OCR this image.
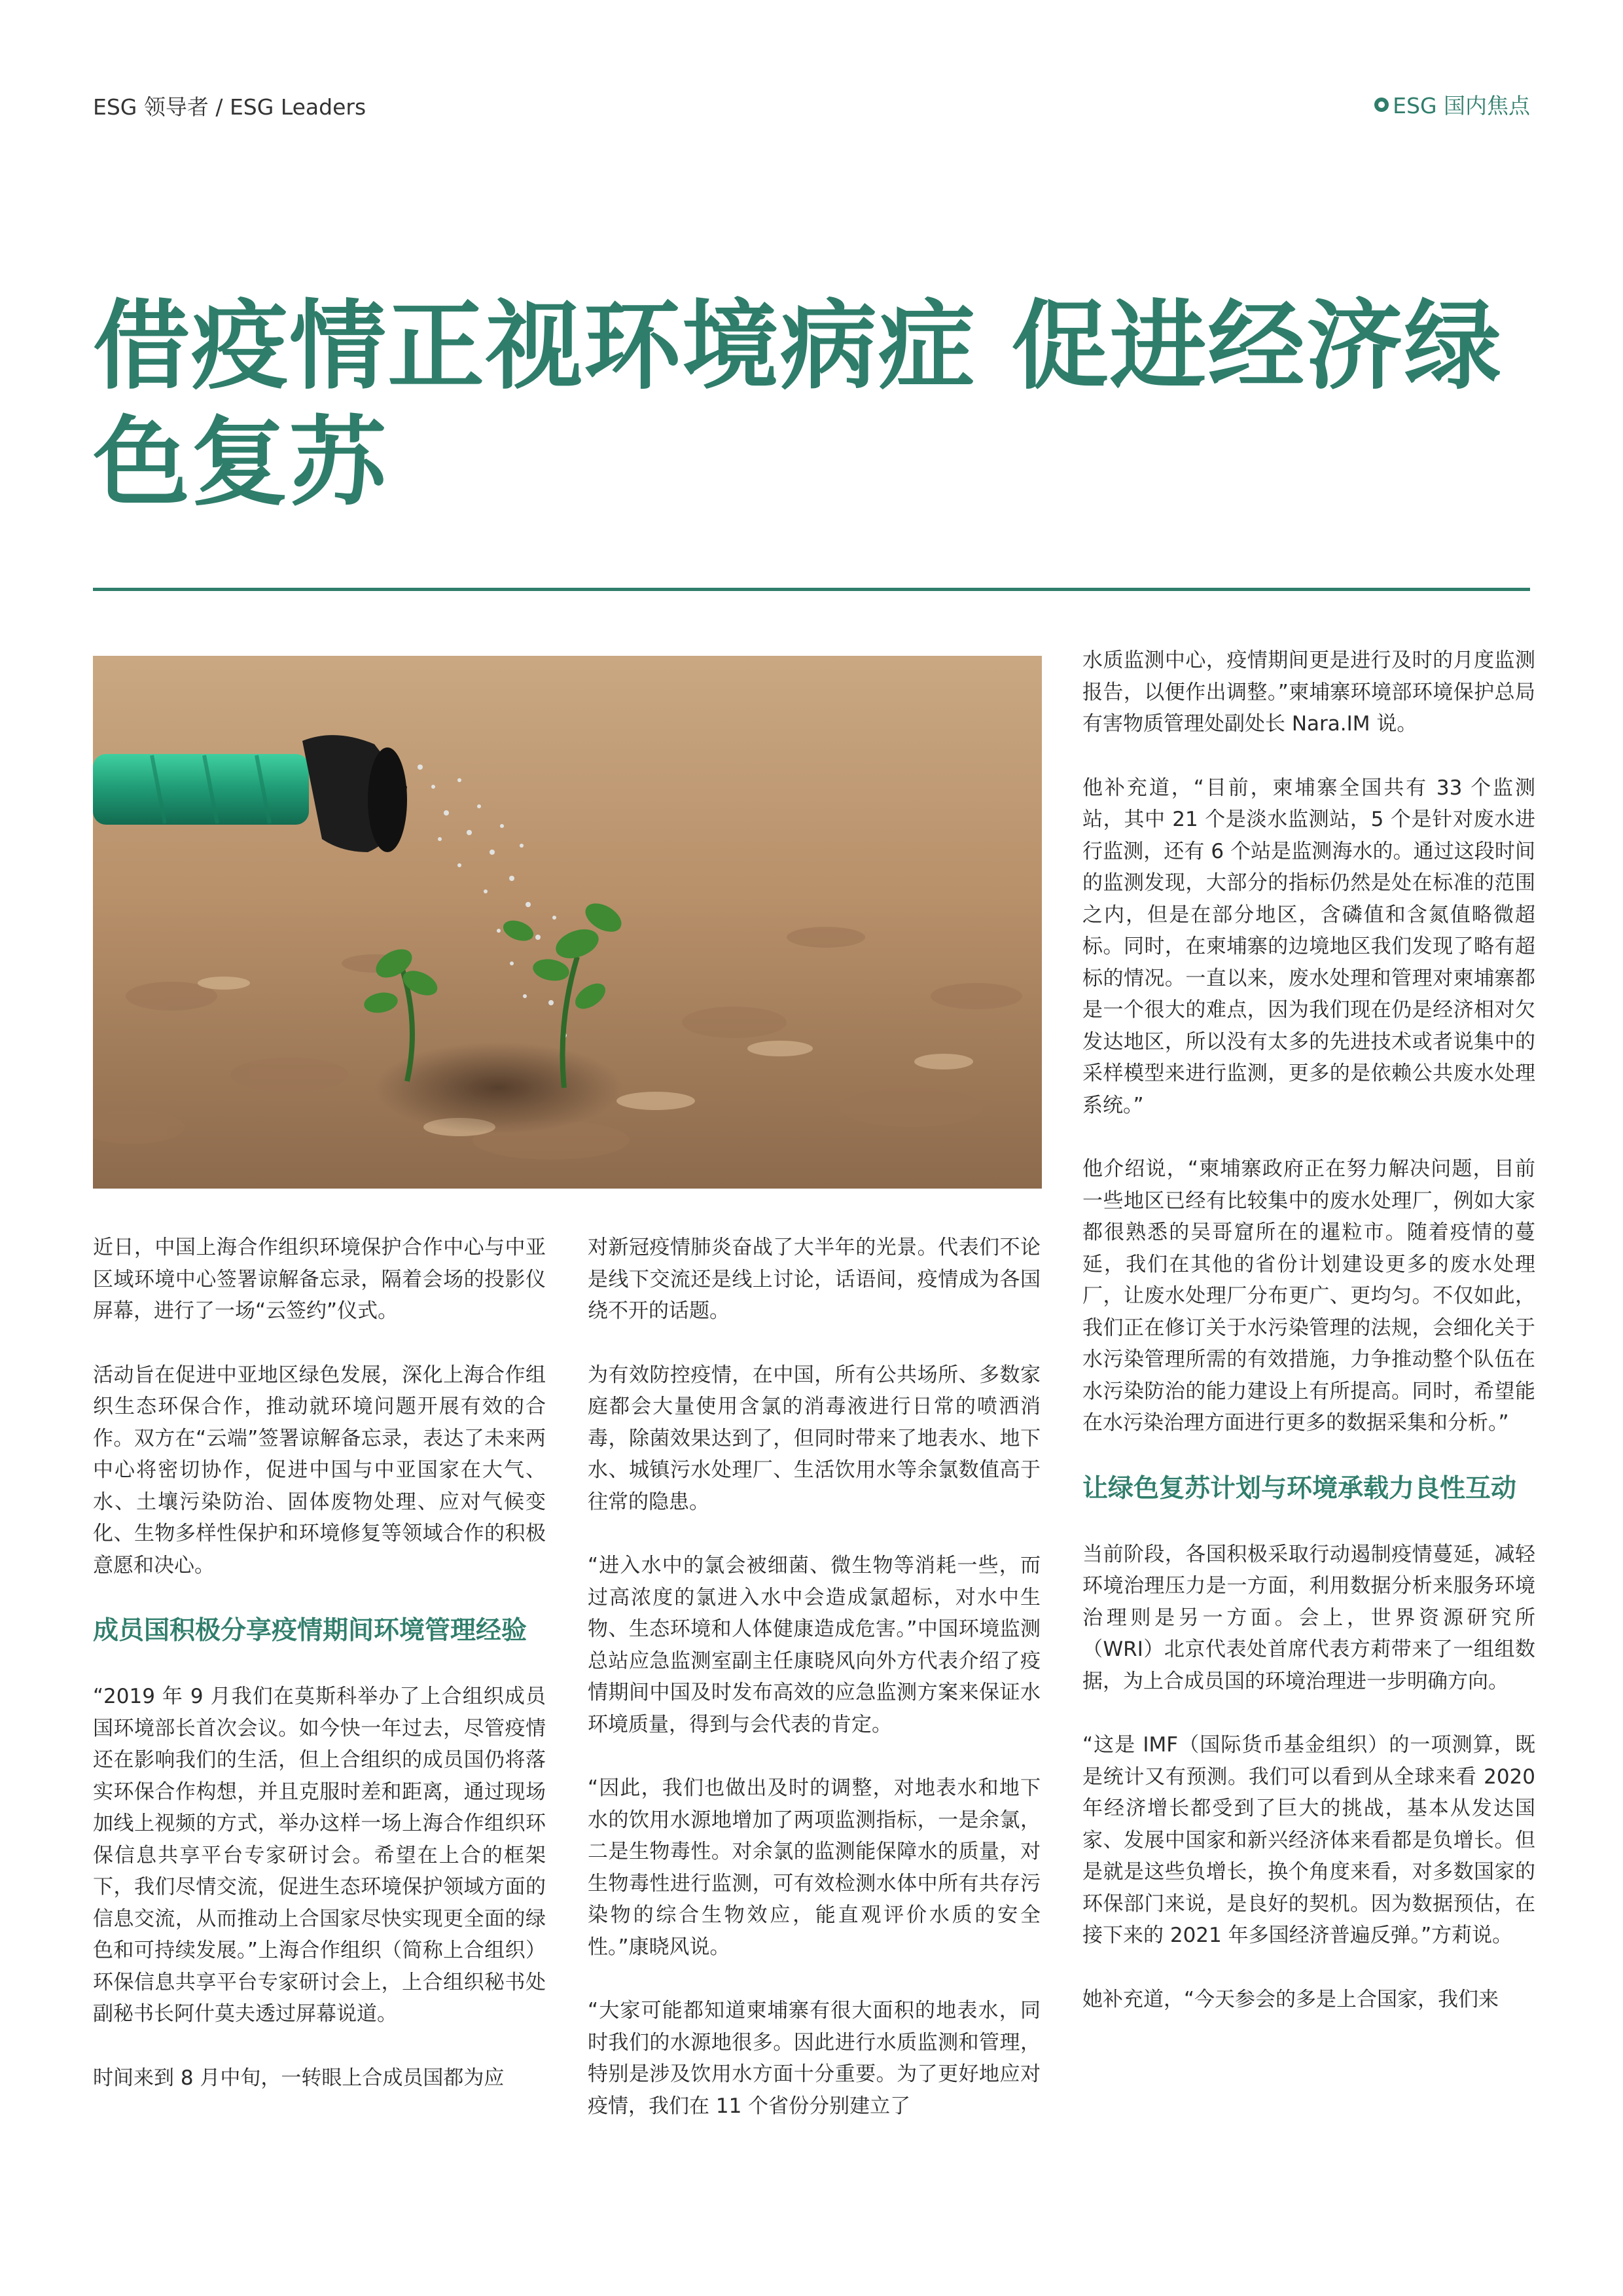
ESG 领导者 / ESG Leaders	ESG 国内焦点
借疫情正视环境病症 促进经济绿
色复苏

近日，中国上海合作组织环境保护合作中心与中亚区域环境中心签署谅解备忘录，隔着会场的投影仪屏幕，进行了一场“云签约”仪式。

活动旨在促进中亚地区绿色发展，深化上海合作组织生态环保合作，推动就环境问题开展有效的合作。双方在“云端”签署谅解备忘录，表达了未来两中心将密切协作，促进中国与中亚国家在大气、水、土壤污染防治、固体废物处理、应对气候变化、生物多样性保护和环境修复等领域合作的积极意愿和决心。

成员国积极分享疫情期间环境管理经验

“2019 年 9 月我们在莫斯科举办了上合组织成员国环境部长首次会议。如今快一年过去，尽管疫情还在影响我们的生活，但上合组织的成员国仍将落实环保合作构想，并且克服时差和距离，通过现场加线上视频的方式，举办这样一场上海合作组织环保信息共享平台专家研讨会。希望在上合的框架下，我们尽情交流，促进生态环境保护领域方面的信息交流，从而推动上合国家尽快实现更全面的绿色和可持续发展。”上海合作组织（简称上合组织）环保信息共享平台专家研讨会上，上合组织秘书处副秘书长阿什莫夫透过屏幕说道。

时间来到 8 月中旬，一转眼上合成员国都为应

对新冠疫情肺炎奋战了大半年的光景。代表们不论是线下交流还是线上讨论，话语间，疫情成为各国绕不开的话题。

为有效防控疫情，在中国，所有公共场所、多数家庭都会大量使用含氯的消毒液进行日常的喷洒消毒，除菌效果达到了，但同时带来了地表水、地下水、城镇污水处理厂、生活饮用水等余氯数值高于往常的隐患。

“进入水中的氯会被细菌、微生物等消耗一些，而过高浓度的氯进入水中会造成氯超标，对水中生物、生态环境和人体健康造成危害。”中国环境监测总站应急监测室副主任康晓风向外方代表介绍了疫情期间中国及时发布高效的应急监测方案来保证水环境质量，得到与会代表的肯定。

“因此，我们也做出及时的调整，对地表水和地下水的饮用水源地增加了两项监测指标，一是余氯，二是生物毒性。对余氯的监测能保障水的质量，对生物毒性进行监测，可有效检测水体中所有共存污染物的综合生物效应，能直观评价水质的安全性。”康晓风说。

“大家可能都知道柬埔寨有很大面积的地表水，同时我们的水源地很多。因此进行水质监测和管理，特别是涉及饮用水方面十分重要。为了更好地应对疫情，我们在 11 个省份分别建立了

水质监测中心，疫情期间更是进行及时的月度监测报告，以便作出调整。”柬埔寨环境部环境保护总局有害物质管理处副处长 Nara.IM 说。

他补充道，“目前，柬埔寨全国共有 33 个监测站，其中 21 个是淡水监测站，5 个是针对废水进行监测，还有 6 个站是监测海水的。通过这段时间的监测发现，大部分的指标仍然是处在标准的范围之内，但是在部分地区，含磷值和含氮值略微超标。同时，在柬埔寨的边境地区我们发现了略有超标的情况。一直以来，废水处理和管理对柬埔寨都是一个很大的难点，因为我们现在仍是经济相对欠发达地区，所以没有太多的先进技术或者说集中的采样模型来进行监测，更多的是依赖公共废水处理系统。”

他介绍说，“柬埔寨政府正在努力解决问题，目前一些地区已经有比较集中的废水处理厂，例如大家都很熟悉的吴哥窟所在的暹粒市。随着疫情的蔓延，我们在其他的省份计划建设更多的废水处理厂，让废水处理厂分布更广、更均匀。不仅如此，我们正在修订关于水污染管理的法规，会细化关于水污染管理所需的有效措施，力争推动整个队伍在水污染防治的能力建设上有所提高。同时，希望能在水污染治理方面进行更多的数据采集和分析。”

让绿色复苏计划与环境承载力良性互动

当前阶段，各国积极采取行动遏制疫情蔓延，减轻环境治理压力是一方面，利用数据分析来服务环境治理则是另一方面。会上，世界资源研究所（WRI）北京代表处首席代表方莉带来了一组组数据，为上合成员国的环境治理进一步明确方向。

“这是 IMF（国际货币基金组织）的一项测算，既是统计又有预测。我们可以看到从全球来看 2020 年经济增长都受到了巨大的挑战，基本从发达国家、发展中国家和新兴经济体来看都是负增长。但是就是这些负增长，换个角度来看，对多数国家的环保部门来说，是良好的契机。因为数据预估，在接下来的 2021 年多国经济普遍反弹。”方莉说。

她补充道，“今天参会的多是上合国家，我们来
